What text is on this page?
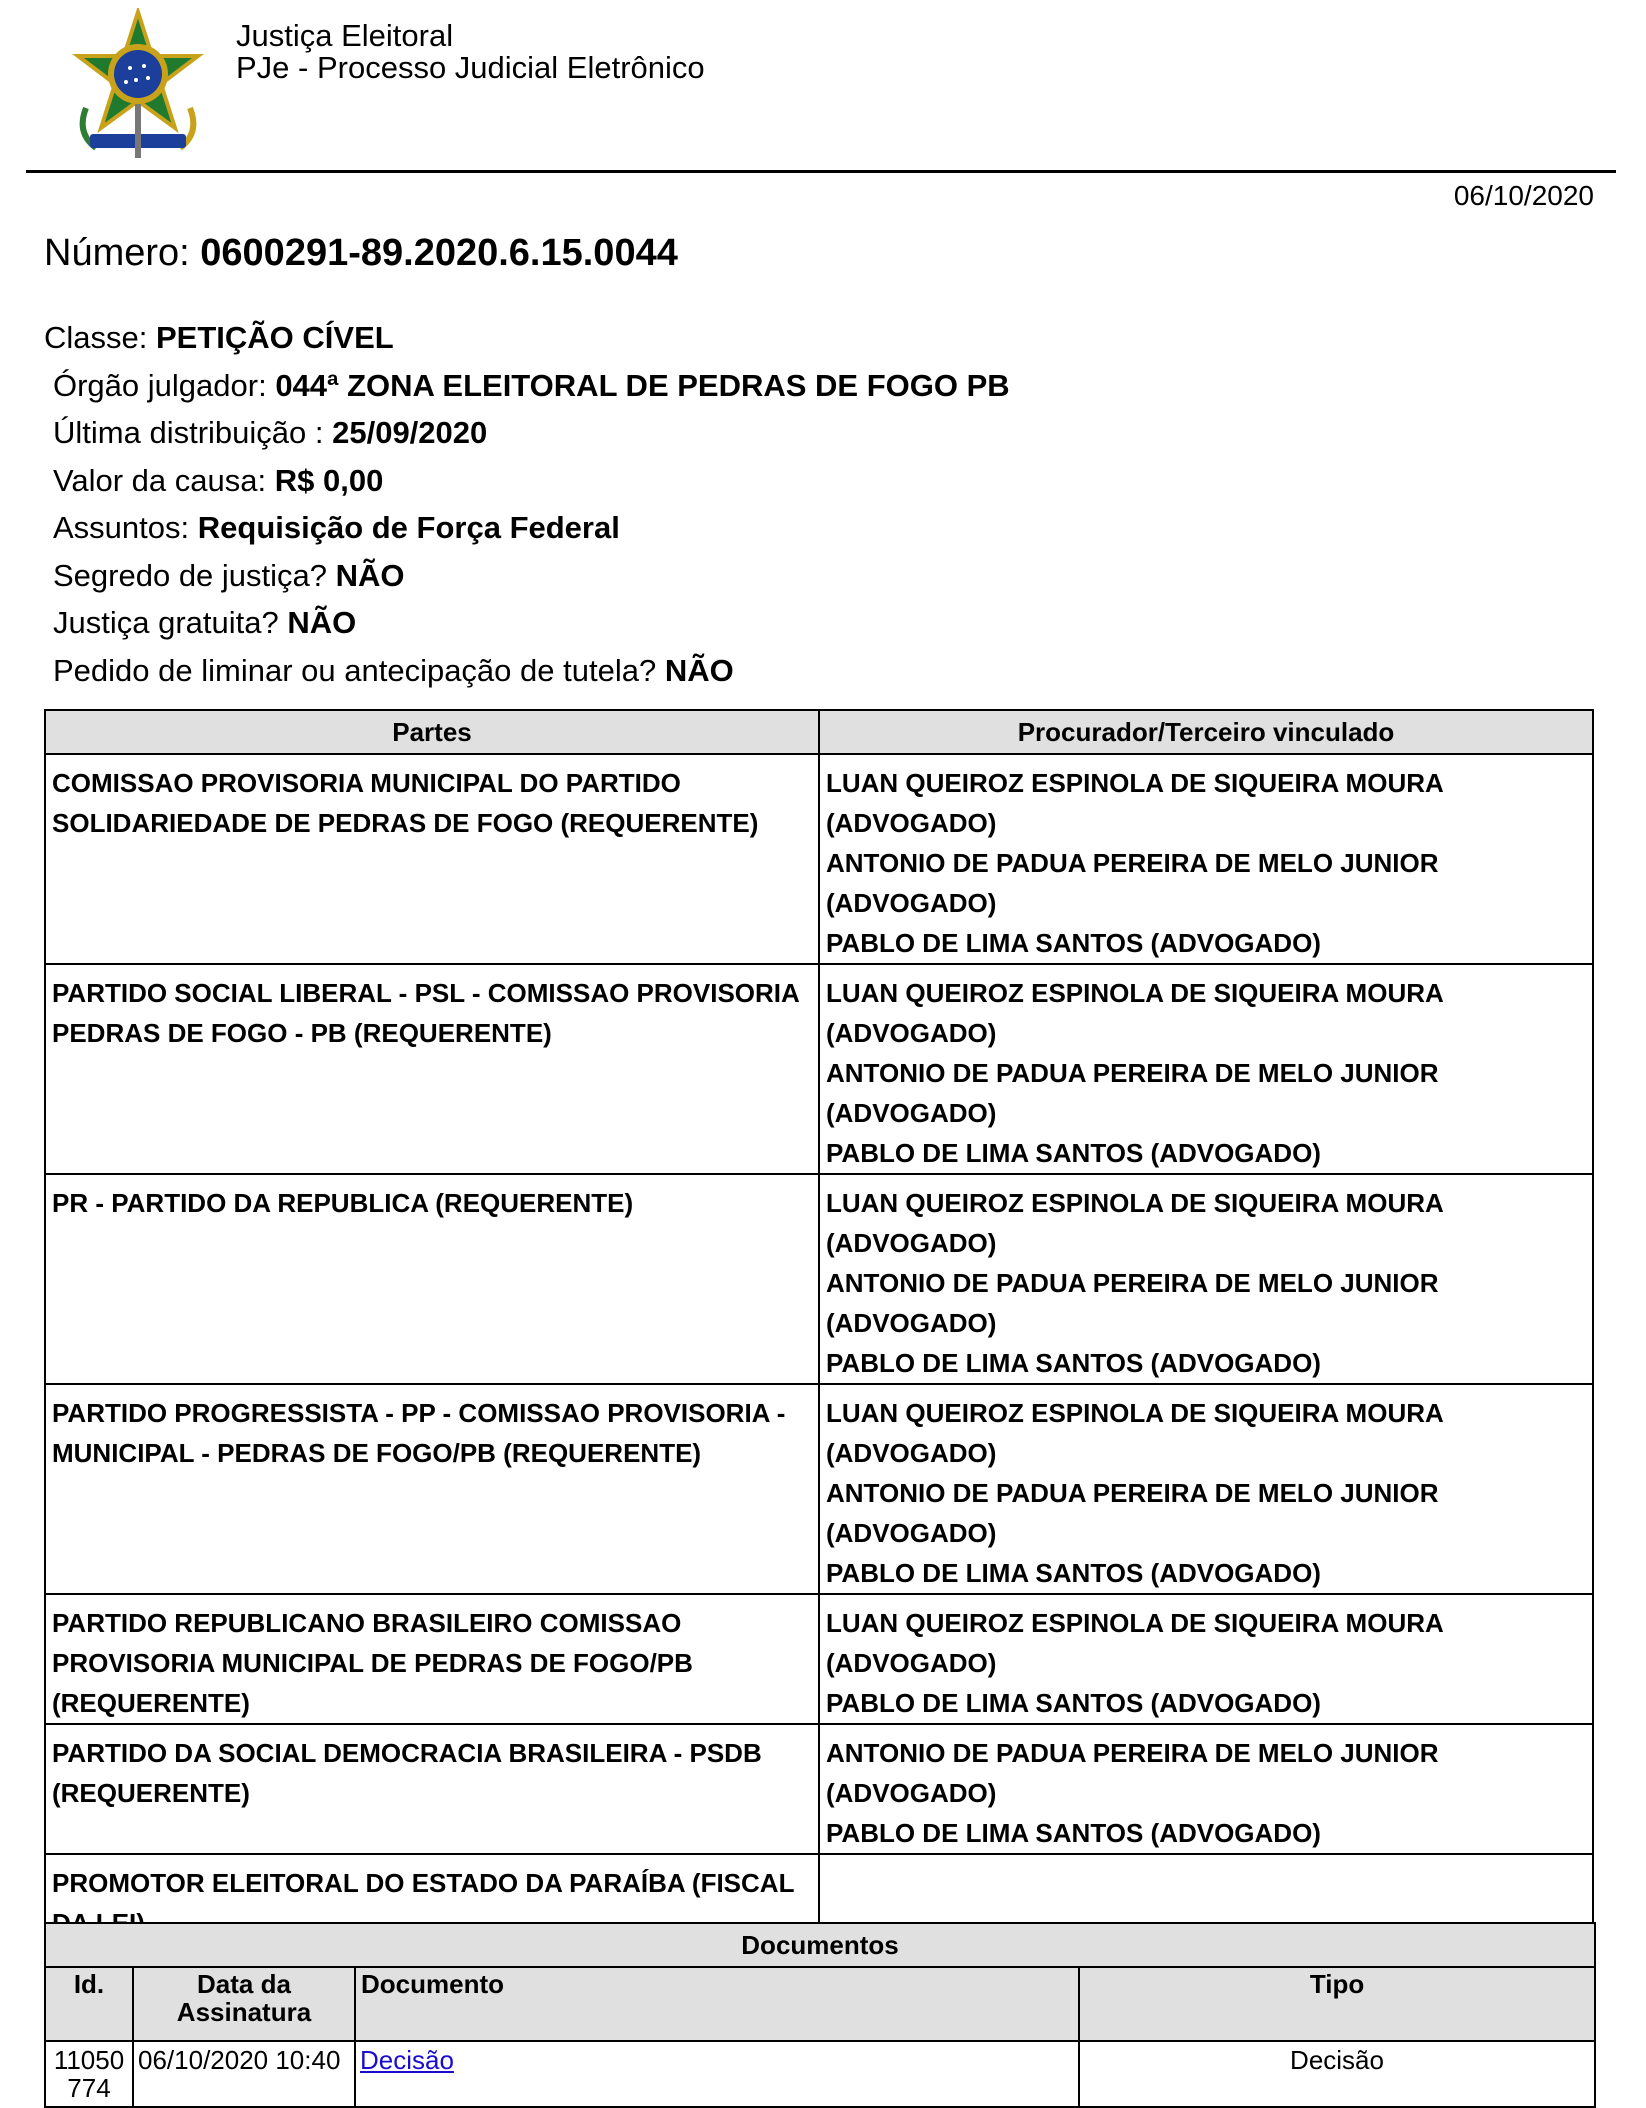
Justiça Eleitoral
PJe - Processo Judicial Eletrônico
06/10/2020
Número: 0600291-89.2020.6.15.0044
Classe: PETIÇÃO CÍVEL
Órgão julgador: 044ª ZONA ELEITORAL DE PEDRAS DE FOGO PB
Última distribuição : 25/09/2020
Valor da causa: R$ 0,00
Assuntos: Requisição de Força Federal
Segredo de justiça? NÃO
Justiça gratuita? NÃO
Pedido de liminar ou antecipação de tutela? NÃO
Partes	Procurador/Terceiro vinculado
COMISSAO PROVISORIA MUNICIPAL DO PARTIDO SOLIDARIEDADE DE PEDRAS DE FOGO (REQUERENTE)	LUAN QUEIROZ ESPINOLA DE SIQUEIRA MOURA (ADVOGADO)
ANTONIO DE PADUA PEREIRA DE MELO JUNIOR (ADVOGADO)
PABLO DE LIMA SANTOS (ADVOGADO)

PARTIDO SOCIAL LIBERAL - PSL - COMISSAO PROVISORIA PEDRAS DE FOGO - PB (REQUERENTE)	LUAN QUEIROZ ESPINOLA DE SIQUEIRA MOURA (ADVOGADO)
ANTONIO DE PADUA PEREIRA DE MELO JUNIOR (ADVOGADO)
PABLO DE LIMA SANTOS (ADVOGADO)

PR - PARTIDO DA REPUBLICA (REQUERENTE)	LUAN QUEIROZ ESPINOLA DE SIQUEIRA MOURA (ADVOGADO)
ANTONIO DE PADUA PEREIRA DE MELO JUNIOR (ADVOGADO)
PABLO DE LIMA SANTOS (ADVOGADO)

PARTIDO PROGRESSISTA - PP - COMISSAO PROVISORIA - MUNICIPAL - PEDRAS DE FOGO/PB (REQUERENTE)	LUAN QUEIROZ ESPINOLA DE SIQUEIRA MOURA (ADVOGADO)
ANTONIO DE PADUA PEREIRA DE MELO JUNIOR (ADVOGADO)
PABLO DE LIMA SANTOS (ADVOGADO)

PARTIDO REPUBLICANO BRASILEIRO COMISSAO PROVISORIA MUNICIPAL DE PEDRAS DE FOGO/PB (REQUERENTE)	LUAN QUEIROZ ESPINOLA DE SIQUEIRA MOURA (ADVOGADO)
PABLO DE LIMA SANTOS (ADVOGADO)

PARTIDO DA SOCIAL DEMOCRACIA BRASILEIRA - PSDB (REQUERENTE)	ANTONIO DE PADUA PEREIRA DE MELO JUNIOR (ADVOGADO)
PABLO DE LIMA SANTOS (ADVOGADO)

PROMOTOR ELEITORAL DO ESTADO DA PARAÍBA (FISCAL	
Documentos			
Id.	Data da Assinatura	Documento	Tipo
11050 774	06/10/2020 10:40	Decisão	Decisão
